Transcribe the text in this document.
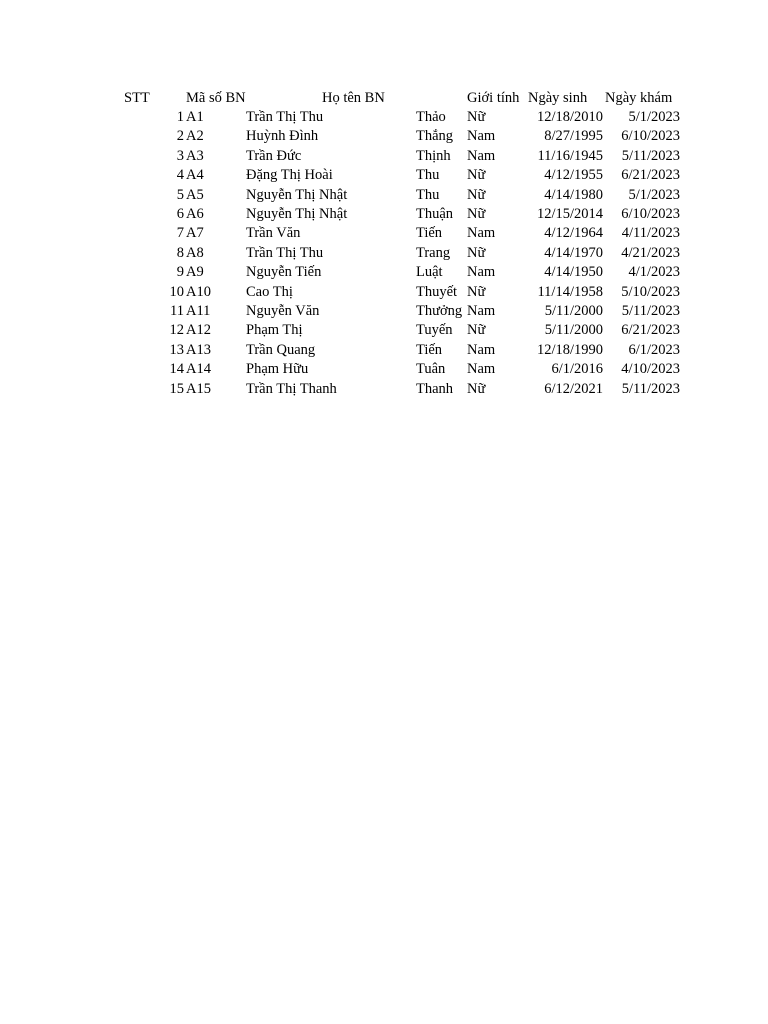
STT Mã số BN	Họ tên BN	Giới tính Ngày sinh Ngày khám
1 A1	Trần Thị Thu	Thảo	Nữ	12/18/2010	5/1/2023
2 A2	Huỳnh Đình	Thắng Nam	8/27/1995	6/10/2023
3 A3	Trần Đức	Thịnh	Nam	11/16/1945	5/11/2023
4 A4	Đặng Thị Hoài	Thu	Nữ	4/12/1955	6/21/2023
5 A5	Nguyễn Thị Nhật	Thu	Nữ	4/14/1980	5/1/2023
6 A6	Nguyễn Thị Nhật	Thuận Nữ	12/15/2014	6/10/2023
7 A7	Trần Văn	Tiến	Nam	4/12/1964	4/11/2023
8 A8	Trần Thị Thu	Trang	Nữ	4/14/1970	4/21/2023
9 A9	Nguyễn Tiến	Luật	Nam	4/14/1950	4/1/2023
10 A10	Cao Thị	Thuyết Nữ	11/14/1958	5/10/2023
11 A11	Nguyễn Văn	Thưởng Nam	5/11/2000	5/11/2023
12 A12	Phạm Thị	Tuyến Nữ	5/11/2000	6/21/2023
13 A13	Trần Quang	Tiến	Nam	12/18/1990	6/1/2023
14 A14	Phạm Hữu	Tuân	Nam	6/1/2016	4/10/2023
15 A15	Trần Thị Thanh	Thanh Nữ	6/12/2021	5/11/2023
